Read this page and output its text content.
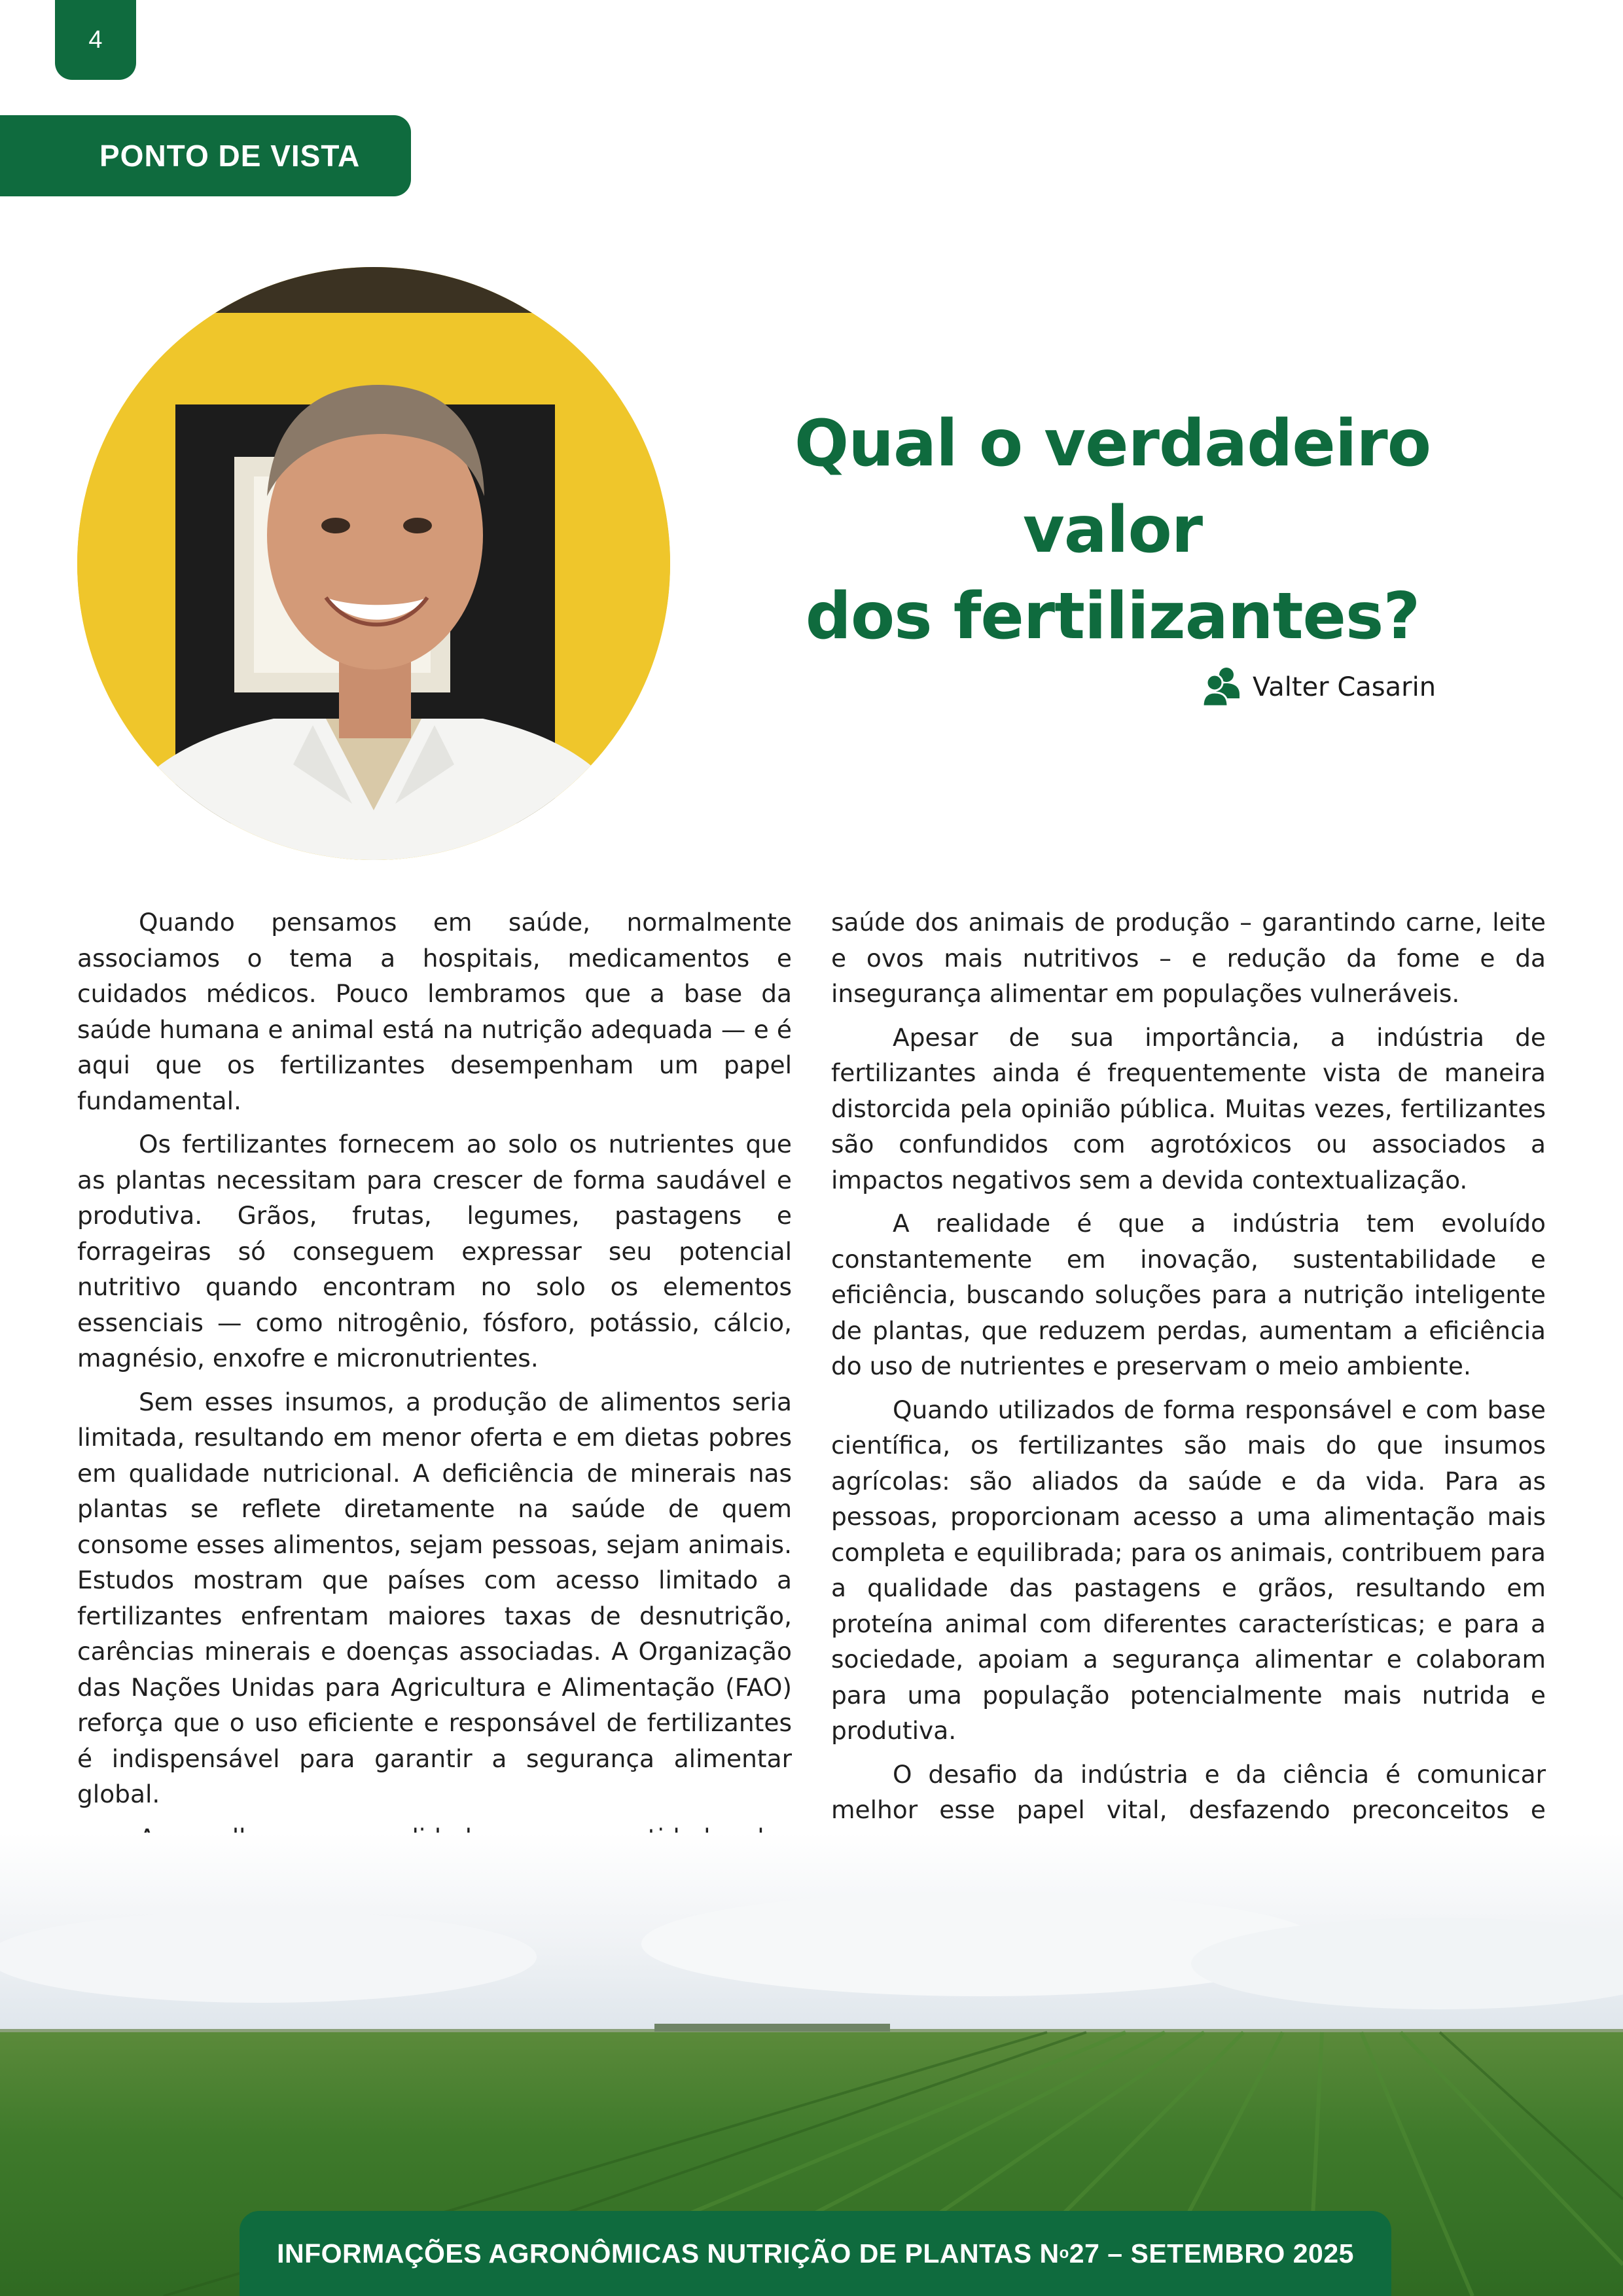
4
PONTO DE VISTA
Qual o verdadeiro valor
dos fertilizantes?
Valter Casarin

Quando pensamos em saúde, normalmente associamos o tema a hospitais, medicamentos e cuidados médicos. Pouco lembramos que a base da saúde humana e animal está na nutrição adequada — e é aqui que os fertilizantes desempenham um papel fundamental.

Os fertilizantes fornecem ao solo os nutrientes que as plantas necessitam para crescer de forma saudável e produtiva. Grãos, frutas, legumes, pastagens e forrageiras só conseguem expressar seu potencial nutritivo quando encontram no solo os elementos essenciais — como nitrogênio, fósforo, potássio, cálcio, magnésio, enxofre e micronutrientes.

Sem esses insumos, a produção de alimentos seria limitada, resultando em menor oferta e em dietas pobres em qualidade nutricional. A deficiência de minerais nas plantas se reflete diretamente na saúde de quem consome esses alimentos, sejam pessoas, sejam animais. Estudos mostram que países com acesso limitado a fertilizantes enfrentam maiores taxas de desnutrição, carências minerais e doenças associadas. A Organização das Nações Unidas para Agricultura e Alimentação (FAO) reforça que o uso eficiente e responsável de fertilizantes é indispensável para garantir a segurança alimentar global.

saúde dos animais de produção – garantindo carne, leite e ovos mais nutritivos – e redução da fome e da insegurança alimentar em populações vulneráveis.

Apesar de sua importância, a indústria de fertilizantes ainda é frequentemente vista de maneira distorcida pela opinião pública. Muitas vezes, fertilizantes são confundidos com agrotóxicos ou associados a impactos negativos sem a devida contextualização.

A realidade é que a indústria tem evoluído constantemente em inovação, sustentabilidade e eficiência, buscando soluções para a nutrição inteligente de plantas, que reduzem perdas, aumentam a eficiência do uso de nutrientes e preservam o meio ambiente.

Quando utilizados de forma responsável e com base científica, os fertilizantes são mais do que insumos agrícolas: são aliados da saúde e da vida. Para as pessoas, proporcionam acesso a uma alimentação mais completa e equilibrada; para os animais, contribuem para a qualidade das pastagens e grãos, resultando em proteína animal com diferentes características; e para a sociedade, apoiam a segurança alimentar e colaboram para uma população potencialmente mais nutrida e produtiva.

O desafio da indústria e da ciência é comunicar melhor esse papel vital, desfazendo preconceitos e

INFORMAÇÕES AGRONÔMICAS NUTRIÇÃO DE PLANTAS N o 27 – SETEMBRO 2025
